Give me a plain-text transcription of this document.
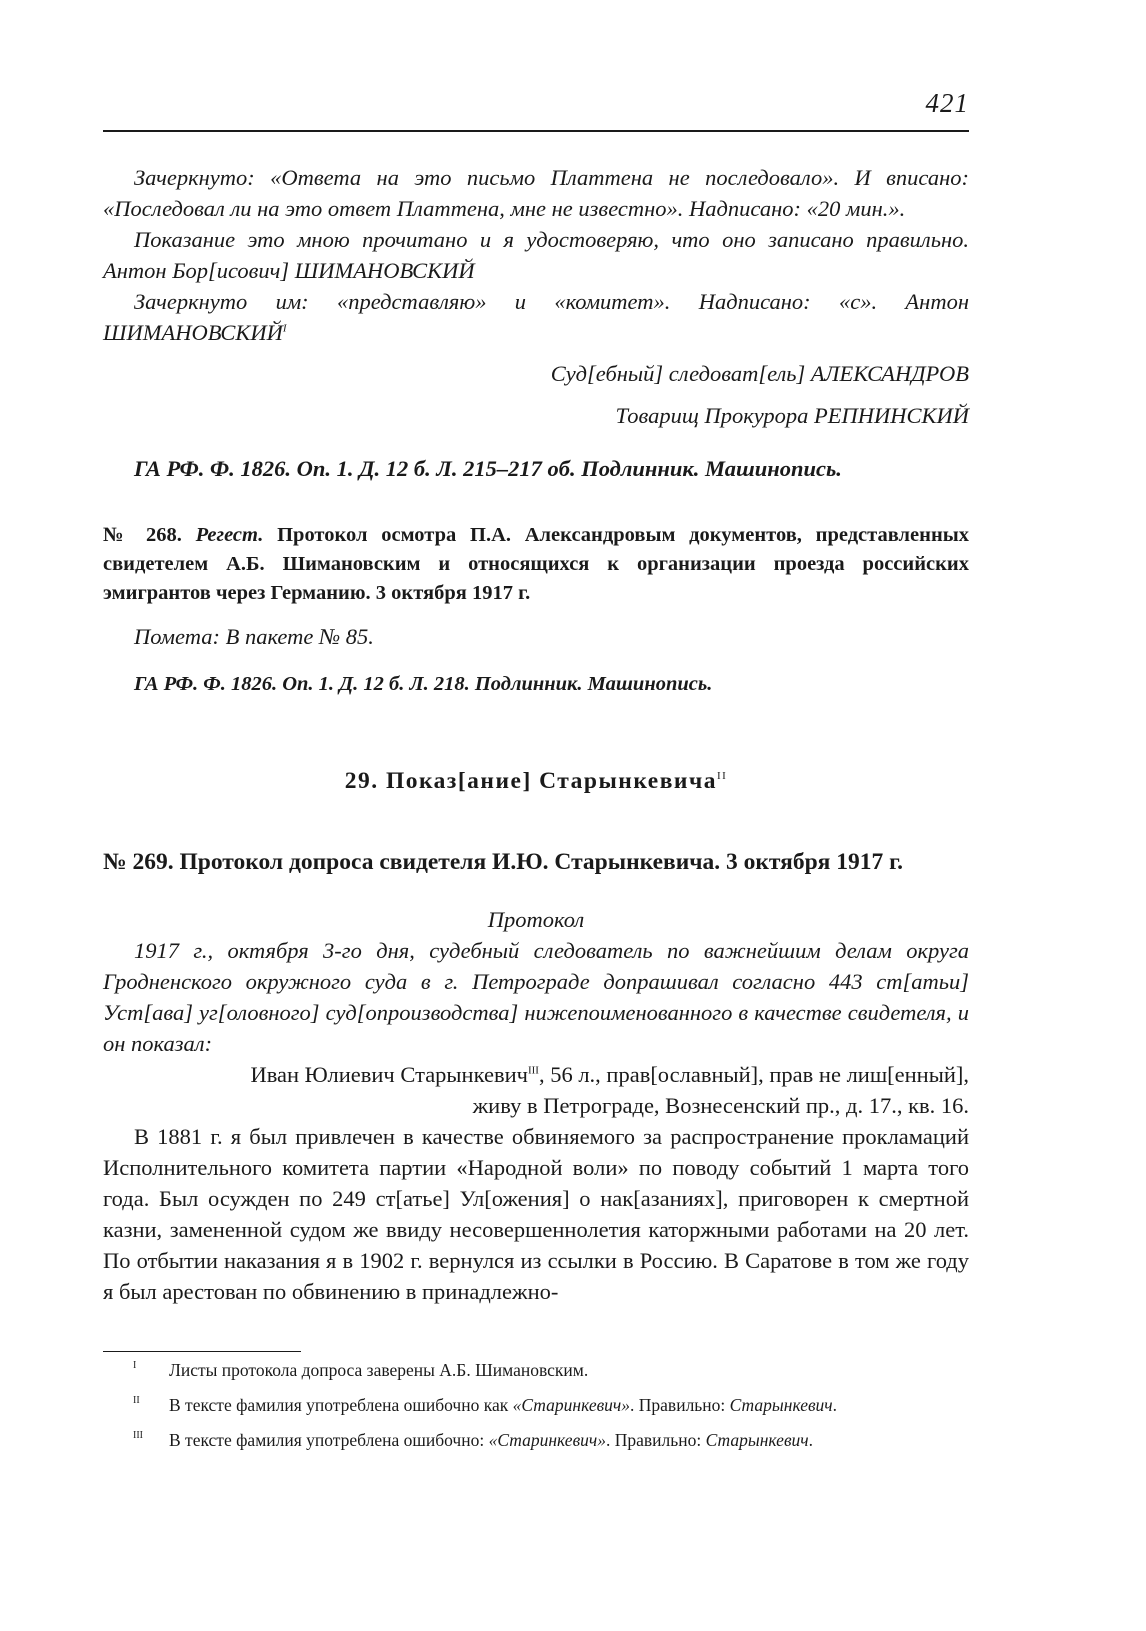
421

Зачеркнуто: «Ответа на это письмо Платтена не последовало». И вписано: «Последовал ли на это ответ Платтена, мне не известно». Надписано: «20 мин.».

Показание это мною прочитано и я удостоверяю, что оно записано правильно. Антон Бор[исович] ШИМАНОВСКИЙ

Зачеркнуто им: «представляю» и «комитет». Надписано: «с». Антон $ШИМАНОВСКИЙ^I$

Суд[ебный] следоват[ель] АЛЕКСАНДРОВ

Товарищ Прокурора РЕПНИНСКИЙ

ГА РФ. Ф. 1826. Оп. 1. Д. 12 б. Л. 215–217 об. Подлинник. Машинопись.

№ 268. Регест. Протокол осмотра П.А. Александровым документов, представленных свидетелем А.Б. Шимановским и относящихся к организации проезда российских эмигрантов через Германию. 3 октября 1917 г.

Помета: В пакете № 85.

ГА РФ. Ф. 1826. Оп. 1. Д. 12 б. Л. 218. Подлинник. Машинопись.

29. Показ[ание] Старынкевича$^{II}$

№ 269. Протокол допроса свидетеля И.Ю. Старынкевича. 3 октября 1917 г.

Протокол

1917 г., октября 3-го дня, судебный следователь по важнейшим делам округа Гродненского окружного суда в г. Петрограде допрашивал согласно 443 ст[атьи] Уст[ава] уг[оловного] суд[опроизводства] нижепоименованного в качестве свидетеля, и он показал:

Иван Юлиевич Старынкевич$^{III}$, 56 л., прав[ославный], прав не лиш[енный],

живу в Петрограде, Вознесенский пр., д. 17., кв. 16.

В 1881 г. я был привлечен в качестве обвиняемого за распространение прокламаций Исполнительного комитета партии «Народной воли» по поводу событий 1 марта того года. Был осужден по 249 ст[атье] Ул[ожения] о нак[азаниях], приговорен к смертной казни, замененной судом же ввиду несовершеннолетия каторжными работами на 20 лет. По отбытии наказания я в 1902 г. вернулся из ссылки в Россию. В Саратове в том же году я был арестован по обвинению в принадлежно-

I Листы протокола допроса заверены А.Б. Шимановским.
II В тексте фамилия употреблена ошибочно как «Старинкевич». Правильно: Старынкевич.
III В тексте фамилия употреблена ошибочно: «Старинкевич». Правильно: Старынкевич.
